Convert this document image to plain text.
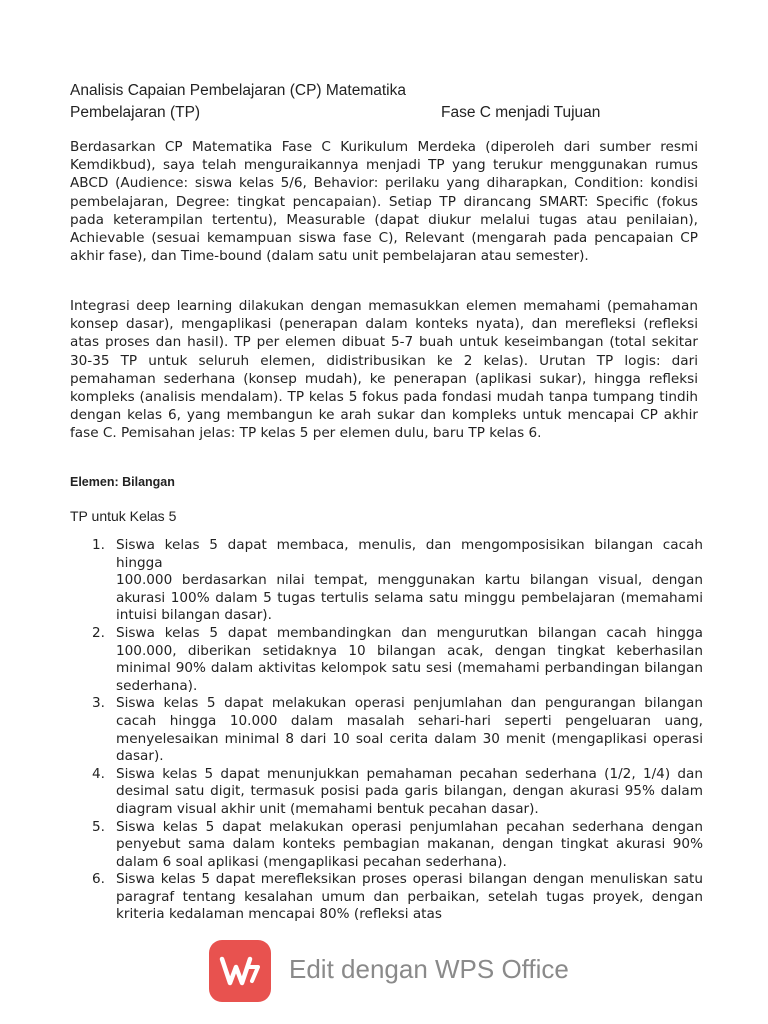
Analisis Capaian Pembelajaran (CP) Matematika
Pembelajaran (TP)	Fase C menjadi Tujuan
Berdasarkan CP Matematika Fase C Kurikulum Merdeka (diperoleh dari sumber resmi Kemdikbud), saya telah menguraikannya menjadi TP yang terukur menggunakan rumus ABCD (Audience: siswa kelas 5/6, Behavior: perilaku yang diharapkan, Condition: kondisi pembelajaran, Degree: tingkat pencapaian). Setiap TP dirancang SMART: Specific (fokus pada keterampilan tertentu), Measurable (dapat diukur melalui tugas atau penilaian), Achievable (sesuai kemampuan siswa fase C), Relevant (mengarah pada pencapaian CP akhir fase), dan Time-bound (dalam satu unit pembelajaran atau semester).
Integrasi deep learning dilakukan dengan memasukkan elemen memahami (pemahaman konsep dasar), mengaplikasi (penerapan dalam konteks nyata), dan merefleksi (refleksi atas proses dan hasil). TP per elemen dibuat 5-7 buah untuk keseimbangan (total sekitar 30-35 TP untuk seluruh elemen, didistribusikan ke 2 kelas). Urutan TP logis: dari pemahaman sederhana (konsep mudah), ke penerapan (aplikasi sukar), hingga refleksi kompleks (analisis mendalam). TP kelas 5 fokus pada fondasi mudah tanpa tumpang tindih dengan kelas 6, yang membangun ke arah sukar dan kompleks untuk mencapai CP akhir fase C. Pemisahan jelas: TP kelas 5 per elemen dulu, baru TP kelas 6.
Elemen: Bilangan
TP untuk Kelas 5
1. Siswa kelas 5 dapat membaca, menulis, dan mengomposisikan bilangan cacah hingga
100.000 berdasarkan nilai tempat, menggunakan kartu bilangan visual, dengan akurasi 100% dalam 5 tugas tertulis selama satu minggu pembelajaran (memahami intuisi bilangan dasar).
2. Siswa kelas 5 dapat membandingkan dan mengurutkan bilangan cacah hingga 100.000, diberikan setidaknya 10 bilangan acak, dengan tingkat keberhasilan minimal 90% dalam aktivitas kelompok satu sesi (memahami perbandingan bilangan sederhana).
3. Siswa kelas 5 dapat melakukan operasi penjumlahan dan pengurangan bilangan cacah hingga 10.000 dalam masalah sehari-hari seperti pengeluaran uang, menyelesaikan minimal 8 dari 10 soal cerita dalam 30 menit (mengaplikasi operasi dasar).
4. Siswa kelas 5 dapat menunjukkan pemahaman pecahan sederhana (1/2, 1/4) dan desimal satu digit, termasuk posisi pada garis bilangan, dengan akurasi 95% dalam diagram visual akhir unit (memahami bentuk pecahan dasar).
5. Siswa kelas 5 dapat melakukan operasi penjumlahan pecahan sederhana dengan penyebut sama dalam konteks pembagian makanan, dengan tingkat akurasi 90% dalam 6 soal aplikasi (mengaplikasi pecahan sederhana).
6. Siswa kelas 5 dapat merefleksikan proses operasi bilangan dengan menuliskan satu paragraf tentang kesalahan umum dan perbaikan, setelah tugas proyek, dengan kriteria kedalaman mencapai 80% (refleksi atas
Edit dengan WPS Office
